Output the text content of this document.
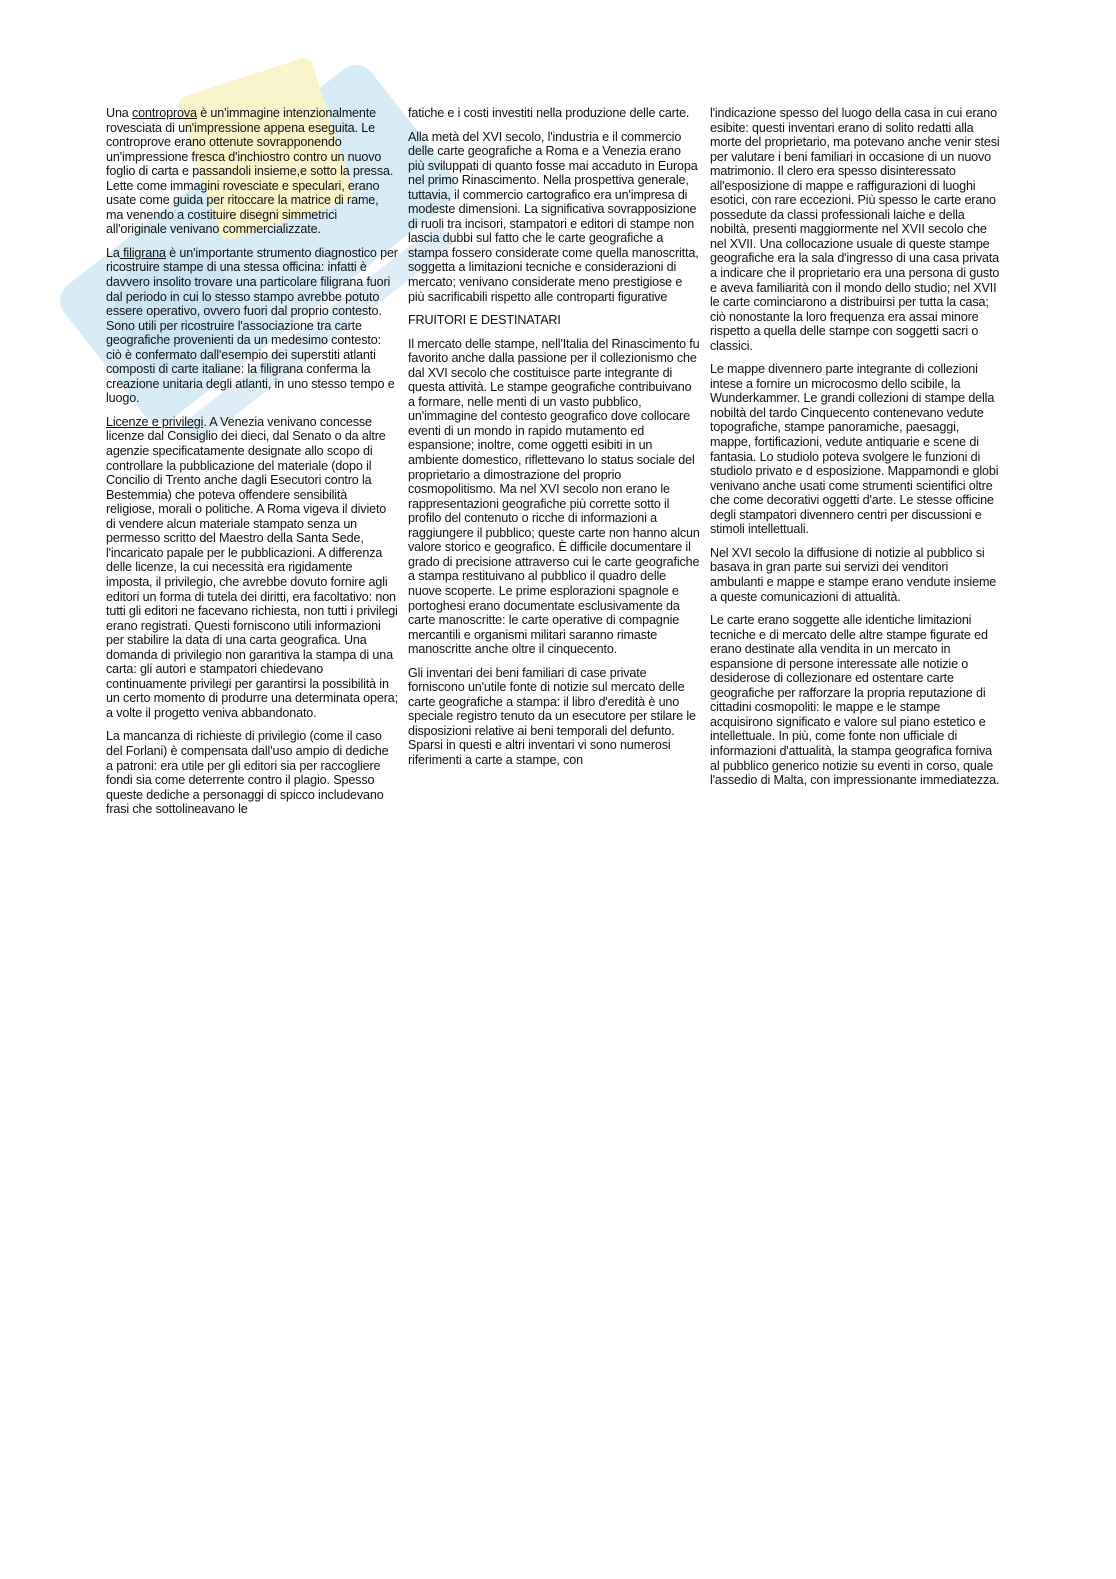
Una controprova è un'immagine intenzionalmente rovesciata di un'impressione appena eseguita. Le controprove erano ottenute sovrapponendo un'impressione fresca d'inchiostro contro un nuovo foglio di carta e passandoli insieme,e sotto la pressa. Lette come immagini rovesciate e speculari, erano usate come guida per ritoccare la matrice di rame, ma venendo a costituire disegni simmetrici all'originale venivano commercializzate.

La filigrana è un'importante strumento diagnostico per ricostruire stampe di una stessa officina: infatti è davvero insolito trovare una particolare filigrana fuori dal periodo in cui lo stesso stampo avrebbe potuto essere operativo, ovvero fuori dal proprio contesto. Sono utili per ricostruire l'associazione tra carte geografiche provenienti da un medesimo contesto: ciò è confermato dall'esempio dei superstiti atlanti composti di carte italiane: la filigrana conferma la creazione unitaria degli atlanti, in uno stesso tempo e luogo.

Licenze e privilegi. A Venezia venivano concesse licenze dal Consiglio dei dieci, dal Senato o da altre agenzie specificatamente designate allo scopo di controllare la pubblicazione del materiale (dopo il Concilio di Trento anche dagli Esecutori contro la Bestemmia) che poteva offendere sensibilità religiose, morali o politiche. A Roma vigeva il divieto di vendere alcun materiale stampato senza un permesso scritto del Maestro della Santa Sede, l'incaricato papale per le pubblicazioni. A differenza delle licenze, la cui necessità era rigidamente imposta, il privilegio, che avrebbe dovuto fornire agli editori un forma di tutela dei diritti, era facoltativo: non tutti gli editori ne facevano richiesta, non tutti i privilegi erano registrati. Questi forniscono utili informazioni per stabilire la data di una carta geografica. Una domanda di privilegio non garantiva la stampa di una carta: gli autori e stampatori chiedevano continuamente privilegi per garantirsi la possibilità in un certo momento di produrre una determinata opera; a volte il progetto veniva abbandonato.

La mancanza di richieste di privilegio (come il caso del Forlani) è compensata dall'uso ampio di dediche a patroni: era utile per gli editori sia per raccogliere fondi sia come deterrente contro il plagio. Spesso queste dediche a personaggi di spicco includevano frasi che sottolineavano le

fatiche e i costi investiti nella produzione delle carte.

Alla metà del XVI secolo, l'industria e il commercio delle carte geografiche a Roma e a Venezia erano più sviluppati di quanto fosse mai accaduto in Europa nel primo Rinascimento. Nella prospettiva generale, tuttavia, il commercio cartografico era un'impresa di modeste dimensioni. La significativa sovrapposizione di ruoli tra incisori, stampatori e editori di stampe non lascia dubbi sul fatto che le carte geografiche a stampa fossero considerate come quella manoscritta, soggetta a limitazioni tecniche e considerazioni di mercato; venivano considerate meno prestigiose e più sacrificabili rispetto alle controparti figurative

FRUITORI E DESTINATARI

Il mercato delle stampe, nell'Italia del Rinascimento fu favorito anche dalla passione per il collezionismo che dal XVI secolo che costituisce parte integrante di questa attività. Le stampe geografiche contribuivano a formare, nelle menti di un vasto pubblico, un'immagine del contesto geografico dove collocare eventi di un mondo in rapido mutamento ed espansione; inoltre, come oggetti esibiti in un ambiente domestico, riflettevano lo status sociale del proprietario a dimostrazione del proprio cosmopolitismo. Ma nel XVI secolo non erano le rappresentazioni geografiche più corrette sotto il profilo del contenuto o ricche di informazioni a raggiungere il pubblico; queste carte non hanno alcun valore storico e geografico. È difficile documentare il grado di precisione attraverso cui le carte geografiche a stampa restituivano al pubblico il quadro delle nuove scoperte. Le prime esplorazioni spagnole e portoghesi erano documentate esclusivamente da carte manoscritte: le carte operative di compagnie mercantili e organismi militari saranno rimaste manoscritte anche oltre il cinquecento.

Gli inventari dei beni familiari di case private forniscono un'utile fonte di notizie sul mercato delle carte geografiche a stampa: il libro d'eredità è uno speciale registro tenuto da un esecutore per stilare le disposizioni relative ai beni temporali del defunto. Sparsi in questi e altri inventari vi sono numerosi riferimenti a carte a stampe, con

l'indicazione spesso del luogo della casa in cui erano esibite: questi inventari erano di solito redatti alla morte del proprietario, ma potevano anche venir stesi per valutare i beni familiari in occasione di un nuovo matrimonio. Il clero era spesso disinteressato all'esposizione di mappe e raffigurazioni di luoghi esotici, con rare eccezioni. Più spesso le carte erano possedute da classi professionali laiche e della nobiltà, presenti maggiormente nel XVII secolo che nel XVII. Una collocazione usuale di queste stampe geografiche era la sala d'ingresso di una casa privata a indicare che il proprietario era una persona di gusto e aveva familiarità con il mondo dello studio; nel XVII le carte cominciarono a distribuirsi per tutta la casa; ciò nonostante la loro frequenza era assai minore rispetto a quella delle stampe con soggetti sacri o classici.

Le mappe divennero parte integrante di collezioni intese a fornire un microcosmo dello scibile, la Wunderkammer. Le grandi collezioni di stampe della nobiltà del tardo Cinquecento contenevano vedute topografiche, stampe panoramiche, paesaggi, mappe, fortificazioni, vedute antiquarie e scene di fantasia. Lo studiolo poteva svolgere le funzioni di studiolo privato e d esposizione. Mappamondi e globi venivano anche usati come strumenti scientifici oltre che come decorativi oggetti d'arte. Le stesse officine degli stampatori divennero centri per discussioni e stimoli intellettuali.

Nel XVI secolo la diffusione di notizie al pubblico si basava in gran parte sui servizi dei venditori ambulanti e mappe e stampe erano vendute insieme a queste comunicazioni di attualità.

Le carte erano soggette alle identiche limitazioni tecniche e di mercato delle altre stampe figurate ed erano destinate alla vendita in un mercato in espansione di persone interessate alle notizie o desiderose di collezionare ed ostentare carte geografiche per rafforzare la propria reputazione di cittadini cosmopoliti: le mappe e le stampe acquisirono significato e valore sul piano estetico e intellettuale. In più, come fonte non ufficiale di informazioni d'attualità, la stampa geografica forniva al pubblico generico notizie su eventi in corso, quale l'assedio di Malta, con impressionante immediatezza.
